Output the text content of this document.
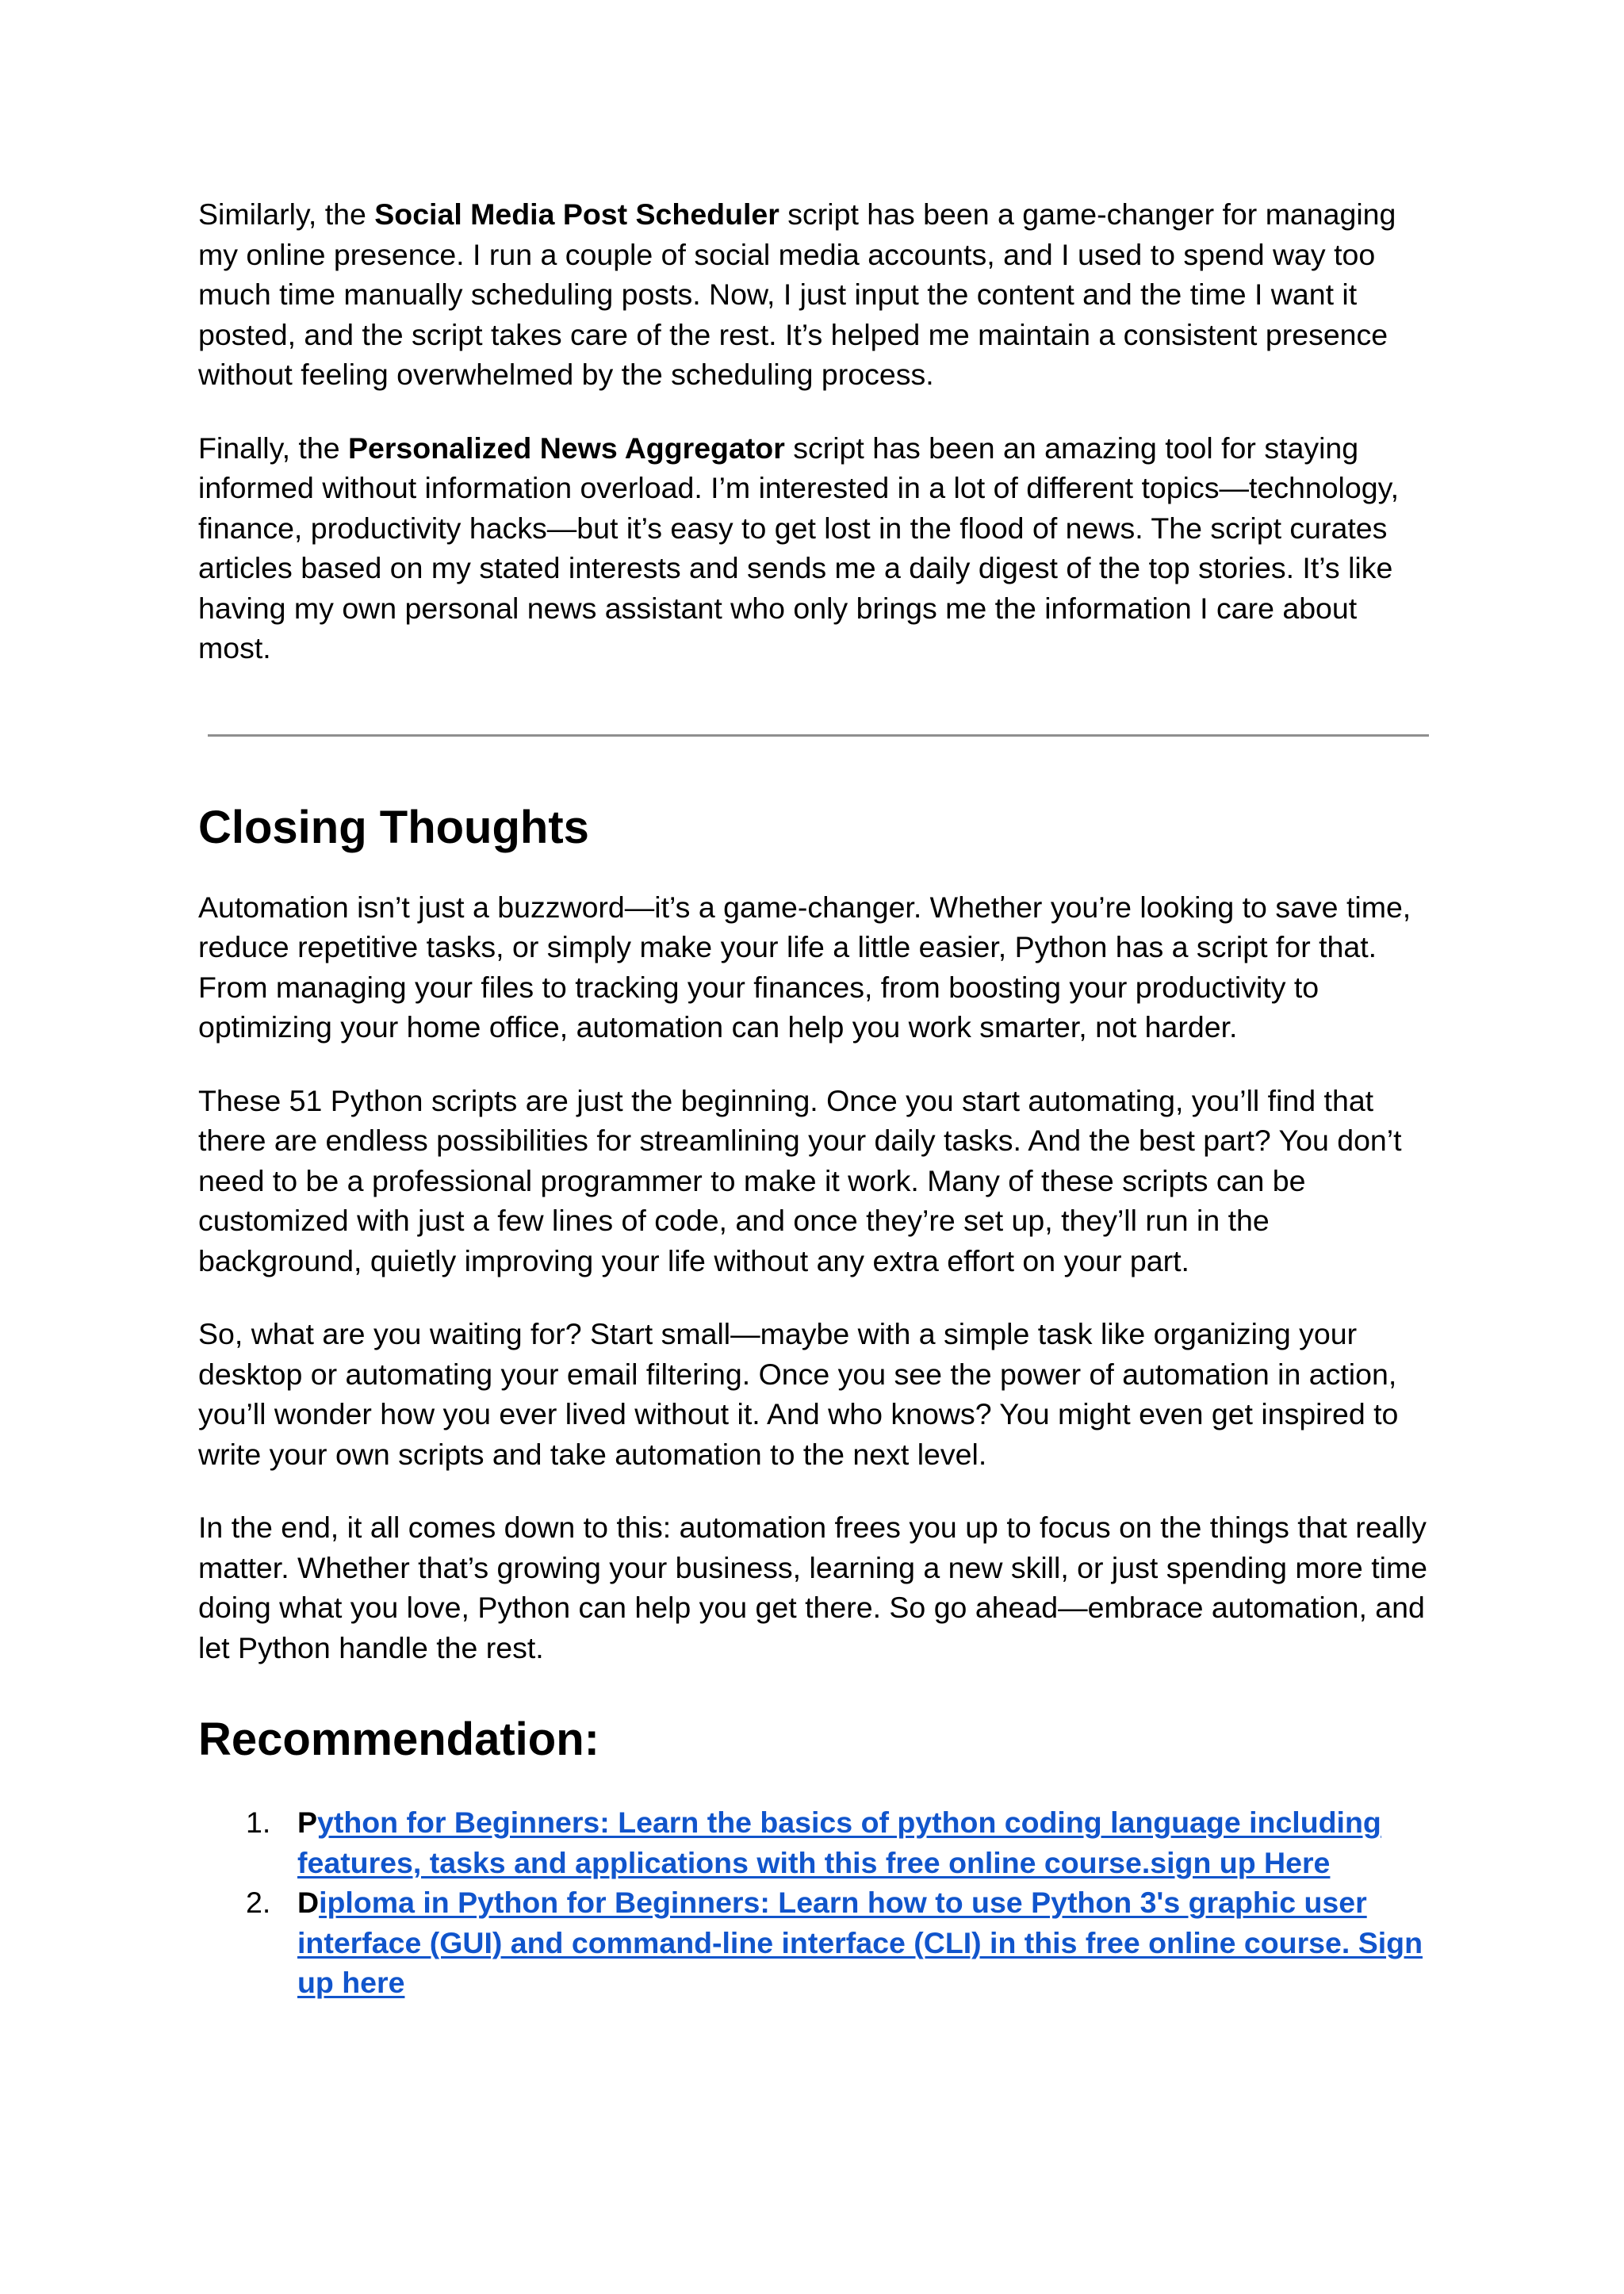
Similarly, the Social Media Post Scheduler script has been a game-changer for managing my online presence. I run a couple of social media accounts, and I used to spend way too much time manually scheduling posts. Now, I just input the content and the time I want it posted, and the script takes care of the rest. It’s helped me maintain a consistent presence without feeling overwhelmed by the scheduling process.

Finally, the Personalized News Aggregator script has been an amazing tool for staying informed without information overload. I’m interested in a lot of different topics—technology, finance, productivity hacks—but it’s easy to get lost in the flood of news. The script curates articles based on my stated interests and sends me a daily digest of the top stories. It’s like having my own personal news assistant who only brings me the information I care about most.

Closing Thoughts

Automation isn’t just a buzzword—it’s a game-changer. Whether you’re looking to save time, reduce repetitive tasks, or simply make your life a little easier, Python has a script for that. From managing your files to tracking your finances, from boosting your productivity to optimizing your home office, automation can help you work smarter, not harder.

These 51 Python scripts are just the beginning. Once you start automating, you’ll find that there are endless possibilities for streamlining your daily tasks. And the best part? You don’t need to be a professional programmer to make it work. Many of these scripts can be customized with just a few lines of code, and once they’re set up, they’ll run in the background, quietly improving your life without any extra effort on your part.

So, what are you waiting for? Start small—maybe with a simple task like organizing your desktop or automating your email filtering. Once you see the power of automation in action, you’ll wonder how you ever lived without it. And who knows? You might even get inspired to write your own scripts and take automation to the next level.

In the end, it all comes down to this: automation frees you up to focus on the things that really matter. Whether that’s growing your business, learning a new skill, or just spending more time doing what you love, Python can help you get there. So go ahead—embrace automation, and let Python handle the rest.

Recommendation:
1. Python for Beginners: Learn the basics of python coding language including features, tasks and applications with this free online course.sign up Here
2. Diploma in Python for Beginners: Learn how to use Python 3's graphic user interface (GUI) and command-line interface (CLI) in this free online course. Sign up here
